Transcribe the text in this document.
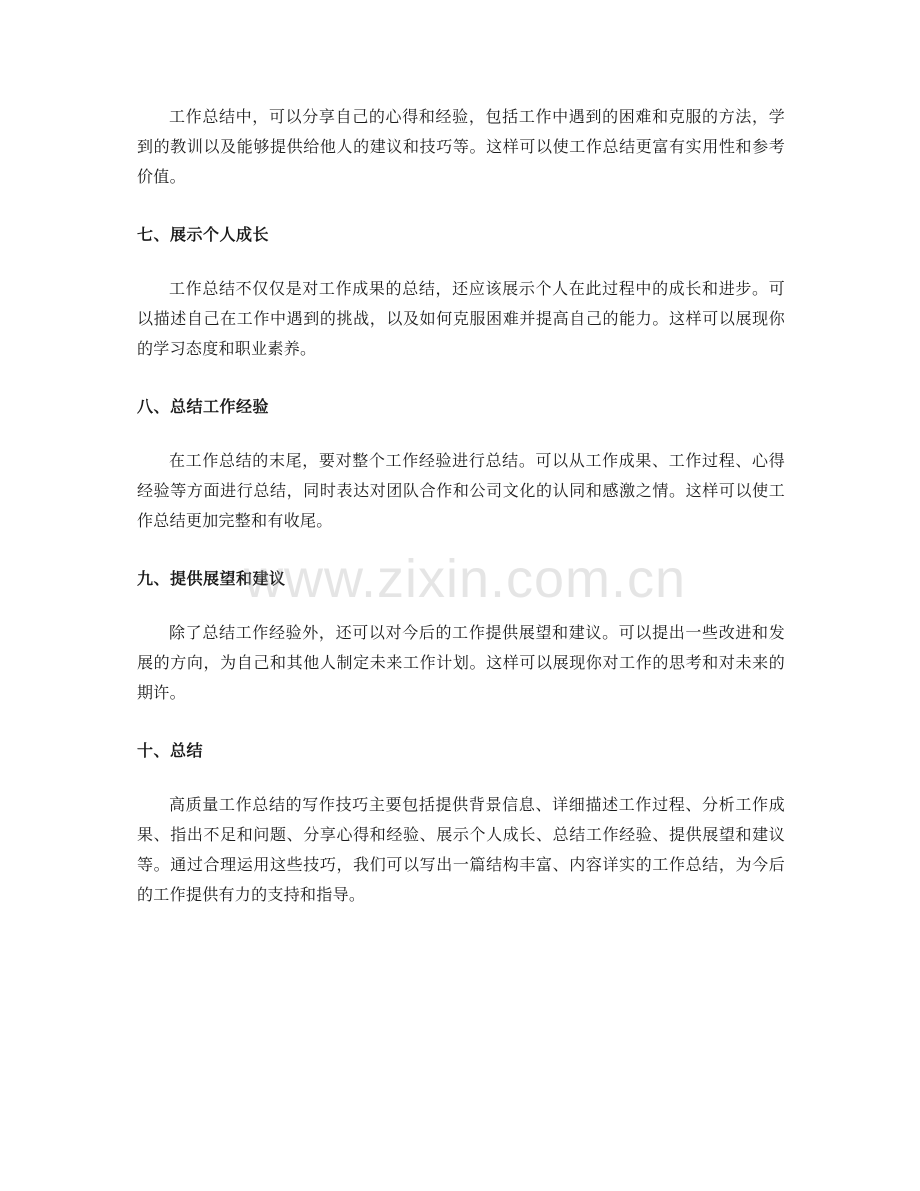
工作总结中，可以分享自己的心得和经验，包括工作中遇到的困难和克服的方法，学到的教训以及能够提供给他人的建议和技巧等。这样可以使工作总结更富有实用性和参考价值。

七、展示个人成长

工作总结不仅仅是对工作成果的总结，还应该展示个人在此过程中的成长和进步。可以描述自己在工作中遇到的挑战，以及如何克服困难并提高自己的能力。这样可以展现你的学习态度和职业素养。

八、总结工作经验

在工作总结的末尾，要对整个工作经验进行总结。可以从工作成果、工作过程、心得经验等方面进行总结，同时表达对团队合作和公司文化的认同和感激之情。这样可以使工作总结更加完整和有收尾。

九、提供展望和建议

除了总结工作经验外，还可以对今后的工作提供展望和建议。可以提出一些改进和发展的方向，为自己和其他人制定未来工作计划。这样可以展现你对工作的思考和对未来的期许。

十、总结

高质量工作总结的写作技巧主要包括提供背景信息、详细描述工作过程、分析工作成果、指出不足和问题、分享心得和经验、展示个人成长、总结工作经验、提供展望和建议等。通过合理运用这些技巧，我们可以写出一篇结构丰富、内容详实的工作总结，为今后的工作提供有力的支持和指导。

www.zixin.com.cn
